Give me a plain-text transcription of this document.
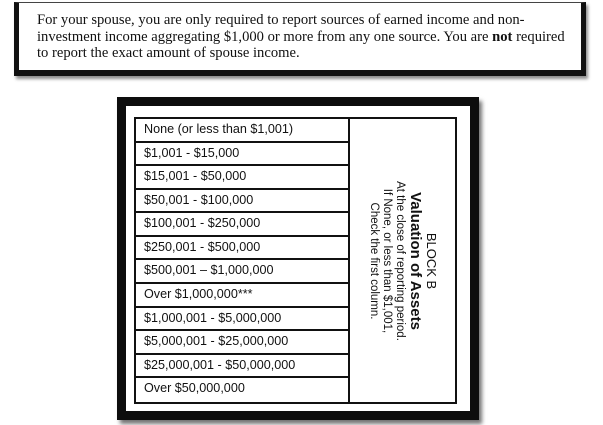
For your spouse, you are only required to report sources of earned income and non-investment income aggregating $1,000 or more from any one source. You are not required to report the exact amount of spouse income.
None (or less than $1,001)
$1,001 - $15,000
$15,001 - $50,000
$50,001 - $100,000
$100,001 - $250,000
$250,001 - $500,000
$500,001 – $1,000,000
Over $1,000,000***
$1,000,001 - $5,000,000
$5,000,001 - $25,000,000
$25,000,001 - $50,000,000
Over $50,000,000
BLOCK B
Valuation of Assets
At the close of reporting period.
If None, or less than $1,001,
Check the first column.
